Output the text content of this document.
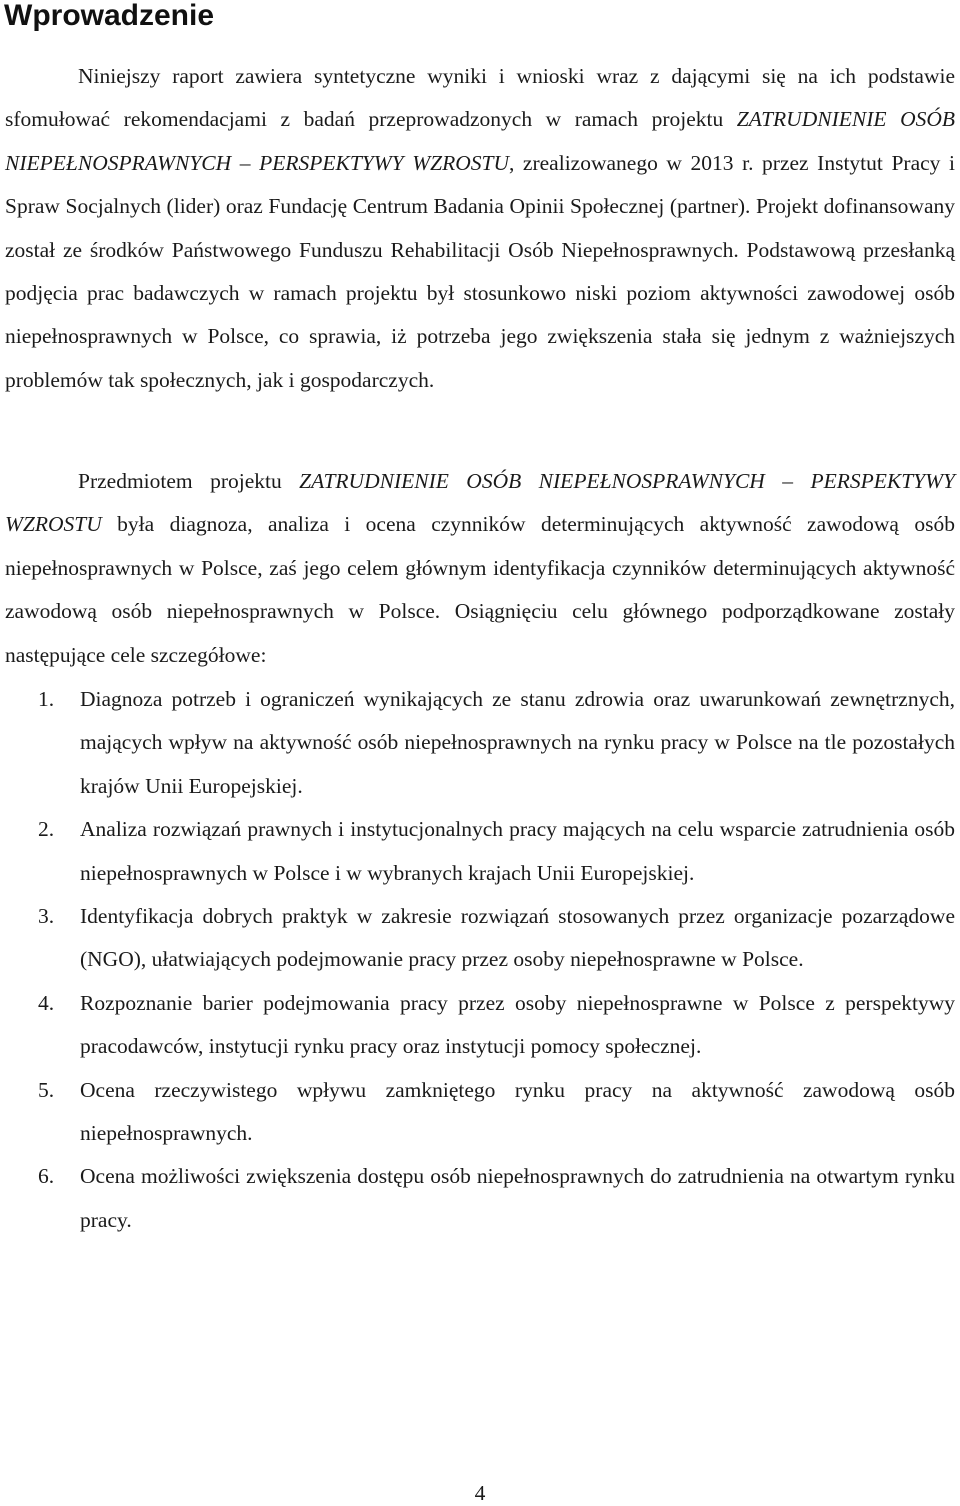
Wprowadzenie

Niniejszy raport zawiera syntetyczne wyniki i wnioski wraz z dającymi się na ich podstawie sfomułować rekomendacjami z badań przeprowadzonych w ramach projektu ZATRUDNIENIE OSÓB NIEPEŁNOSPRAWNYCH – PERSPEKTYWY WZROSTU, zrealizowanego w 2013 r. przez Instytut Pracy i Spraw Socjalnych (lider) oraz Fundację Centrum Badania Opinii Społecznej (partner). Projekt dofinansowany został ze środków Państwowego Funduszu Rehabilitacji Osób Niepełnosprawnych. Podstawową przesłanką podjęcia prac badawczych w ramach projektu był stosunkowo niski poziom aktywności zawodowej osób niepełnosprawnych w Polsce, co sprawia, iż potrzeba jego zwiększenia stała się jednym z ważniejszych problemów tak społecznych, jak i gospodarczych.

Przedmiotem projektu ZATRUDNIENIE OSÓB NIEPEŁNOSPRAWNYCH – PERSPEKTYWY WZROSTU była diagnoza, analiza i ocena czynników determinujących aktywność zawodową osób niepełnosprawnych w Polsce, zaś jego celem głównym identyfikacja czynników determinujących aktywność zawodową osób niepełnosprawnych w Polsce. Osiągnięciu celu głównego podporządkowane zostały następujące cele szczegółowe:

1. Diagnoza potrzeb i ograniczeń wynikających ze stanu zdrowia oraz uwarunkowań zewnętrznych, mających wpływ na aktywność osób niepełnosprawnych na rynku pracy w Polsce na tle pozostałych krajów Unii Europejskiej.
2. Analiza rozwiązań prawnych i instytucjonalnych pracy mających na celu wsparcie zatrudnienia osób niepełnosprawnych w Polsce i w wybranych krajach Unii Europejskiej.
3. Identyfikacja dobrych praktyk w zakresie rozwiązań stosowanych przez organizacje pozarządowe (NGO), ułatwiających podejmowanie pracy przez osoby niepełnosprawne w Polsce.
4. Rozpoznanie barier podejmowania pracy przez osoby niepełnosprawne w Polsce z perspektywy pracodawców, instytucji rynku pracy oraz instytucji pomocy społecznej.
5. Ocena rzeczywistego wpływu zamkniętego rynku pracy na aktywność zawodową osób niepełnosprawnych.
6. Ocena możliwości zwiększenia dostępu osób niepełnosprawnych do zatrudnienia na otwartym rynku pracy.
4
